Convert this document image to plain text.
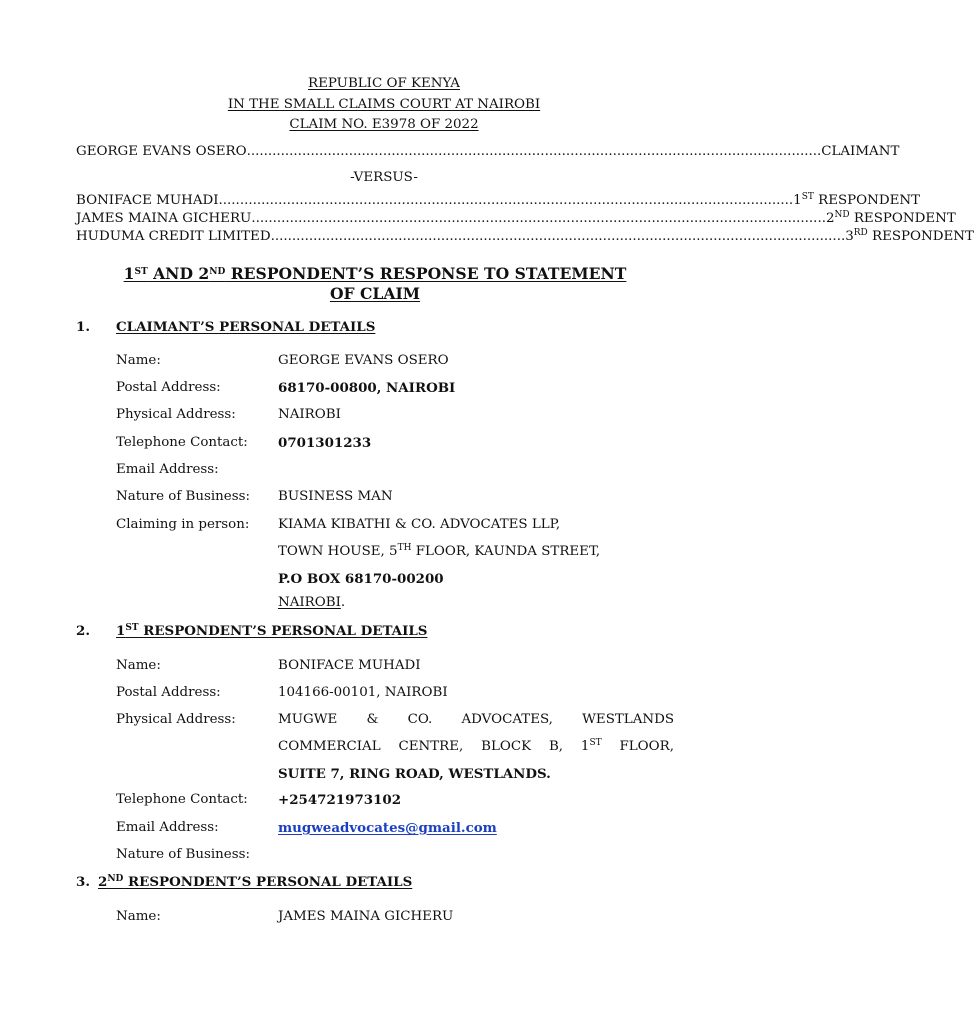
REPUBLIC OF KENYA
IN THE SMALL CLAIMS COURT AT NAIROBI
CLAIM NO. E3978 OF 2022
GEORGE EVANS OSERO ....................................................................................................................................... CLAIMANT
-VERSUS-
BONIFACE MUHADI ....................................................................................................................................... 1ST RESPONDENT
JAMES MAINA GICHERU ....................................................................................................................................... 2ND RESPONDENT
HUDUMA CREDIT LIMITED ....................................................................................................................................... 3RD RESPONDENT
1ST AND 2ND RESPONDENT’S RESPONSE TO STATEMENT
OF CLAIM
1. CLAIMANT’S PERSONAL DETAILS
Name:	GEORGE EVANS OSERO
Postal Address:	68170-00800, NAIROBI
Physical Address:	NAIROBI
Telephone Contact: 0701301233
Email Address:
Nature of Business: BUSINESS MAN
Claiming in person: KIAMA KIBATHI & CO. ADVOCATES LLP,
TOWN HOUSE, 5TH FLOOR, KAUNDA STREET,
P.O BOX 68170-00200
NAIROBI.
2. 1ST RESPONDENT’S PERSONAL DETAILS
Name:	BONIFACE MUHADI
Postal Address:	104166-00101, NAIROBI
Physical Address:	MUGWE & CO. ADVOCATES, WESTLANDS
COMMERCIAL CENTRE, BLOCK B, 1ST FLOOR,
SUITE 7, RING ROAD, WESTLANDS.
Telephone Contact: +254721973102
Email Address:	mugweadvocates@gmail.com
Nature of Business:
3. 2ND RESPONDENT’S PERSONAL DETAILS
Name:	JAMES MAINA GICHERU
